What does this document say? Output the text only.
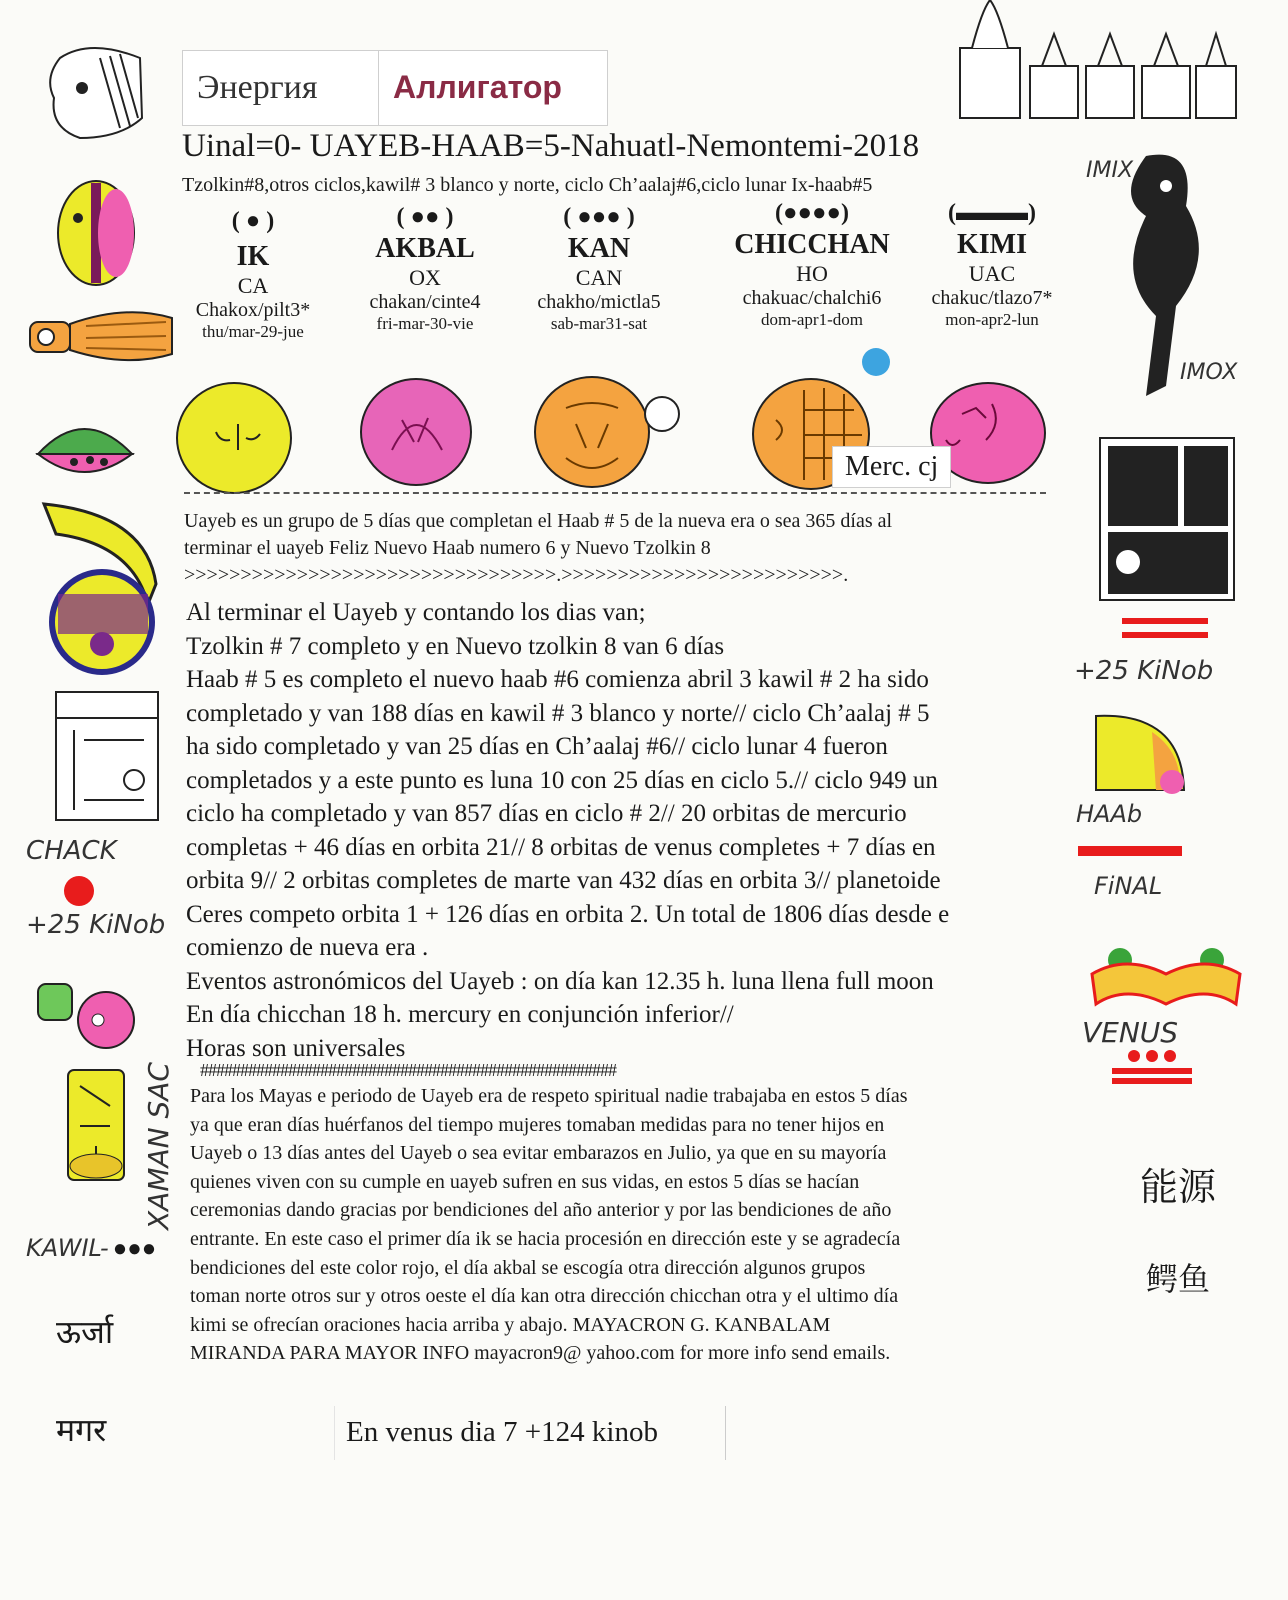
Энергия	Аллигатор
Uinal=0- UAYEB-HAAB=5-Nahuatl-Nemontemi-2018
Tzolkin#8,otros ciclos,kawil# 3 blanco y norte, ciclo Ch’aalaj#6,ciclo lunar Ix-haab#5
( ● )
IK
CA
Chakox/pilt3*
thu/mar-29-jue
( ●● )
AKBAL
OX
chakan/cinte4
fri-mar-30-vie
( ●●● )
KAN
CAN
chakho/mictla5
sab-mar31-sat
(●●●●)
CHICCHAN
HO
chakuac/chalchi6
dom-apr1-dom
(▬▬▬)
KIMI
UAC
chakuc/tlazo7*
mon-apr2-lun
Merc. cj
Uayeb es un grupo de 5 días que completan el Haab # 5 de la nueva era o sea 365 días al
terminar el uayeb Feliz Nuevo Haab numero 6 y Nuevo Tzolkin 8
>>>>>>>>>>>>>>>>>>>>>>>>>>>>>>>>>.>>>>>>>>>>>>>>>>>>>>>>>>>.
Al terminar el Uayeb y contando los dias van;
Tzolkin # 7 completo y en Nuevo tzolkin 8 van 6 días
Haab # 5 es completo el nuevo haab #6 comienza abril 3 kawil # 2 ha sido
completado y van 188 días en kawil # 3 blanco y norte// ciclo Ch’aalaj # 5
ha sido completado y van 25 días en Ch’aalaj #6// ciclo lunar 4 fueron
completados y a este punto es luna 10 con 25 días en ciclo 5.// ciclo 949 un
ciclo ha completado y van 857 días en ciclo # 2// 20 orbitas de mercurio
completas + 46 días en orbita 21// 8 orbitas de venus completes + 7 días en
orbita 9// 2 orbitas completes de marte van 432 días en orbita 3// planetoide
Ceres competo orbita 1 + 126 días en orbita 2. Un total de 1806 días desde e
comienzo de nueva era .
Eventos astronómicos del Uayeb : on día kan 12.35 h. luna llena full moon
En día chicchan 18 h. mercury en conjunción inferior//
Horas son universales
####################################################
Para los Mayas e periodo de Uayeb era de respeto spiritual nadie trabajaba en estos 5 días
ya que eran días huérfanos del tiempo mujeres tomaban medidas para no tener hijos en
Uayeb o 13 días antes del Uayeb o sea evitar embarazos en Julio, ya que en su mayoría
quienes viven con su cumple en uayeb sufren en sus vidas, en estos 5 días se hacían
ceremonias dando gracias por bendiciones del año anterior y por las bendiciones de año
entrante. En este caso el primer día ik se hacia procesión en dirección este y se agradecía
bendiciones del este color rojo, el día akbal se escogía otra dirección algunos grupos
toman norte otros sur y otros oeste el día kan otra dirección chicchan otra y el ultimo día
kimi se ofrecían oraciones hacia arriba y abajo. MAYACRON G. KANBALAM
MIRANDA PARA MAYOR INFO mayacron9@ yahoo.com for more info send emails.
En venus dia 7 +124 kinob
CHACK
+25 KiNob
XAMAN SAC
KAWIL- ●●●
ऊर्जा
मगर
IMIX
IMOX
+25 KiNob
HAAb
FiNAL
VENUS
能源
鳄鱼
